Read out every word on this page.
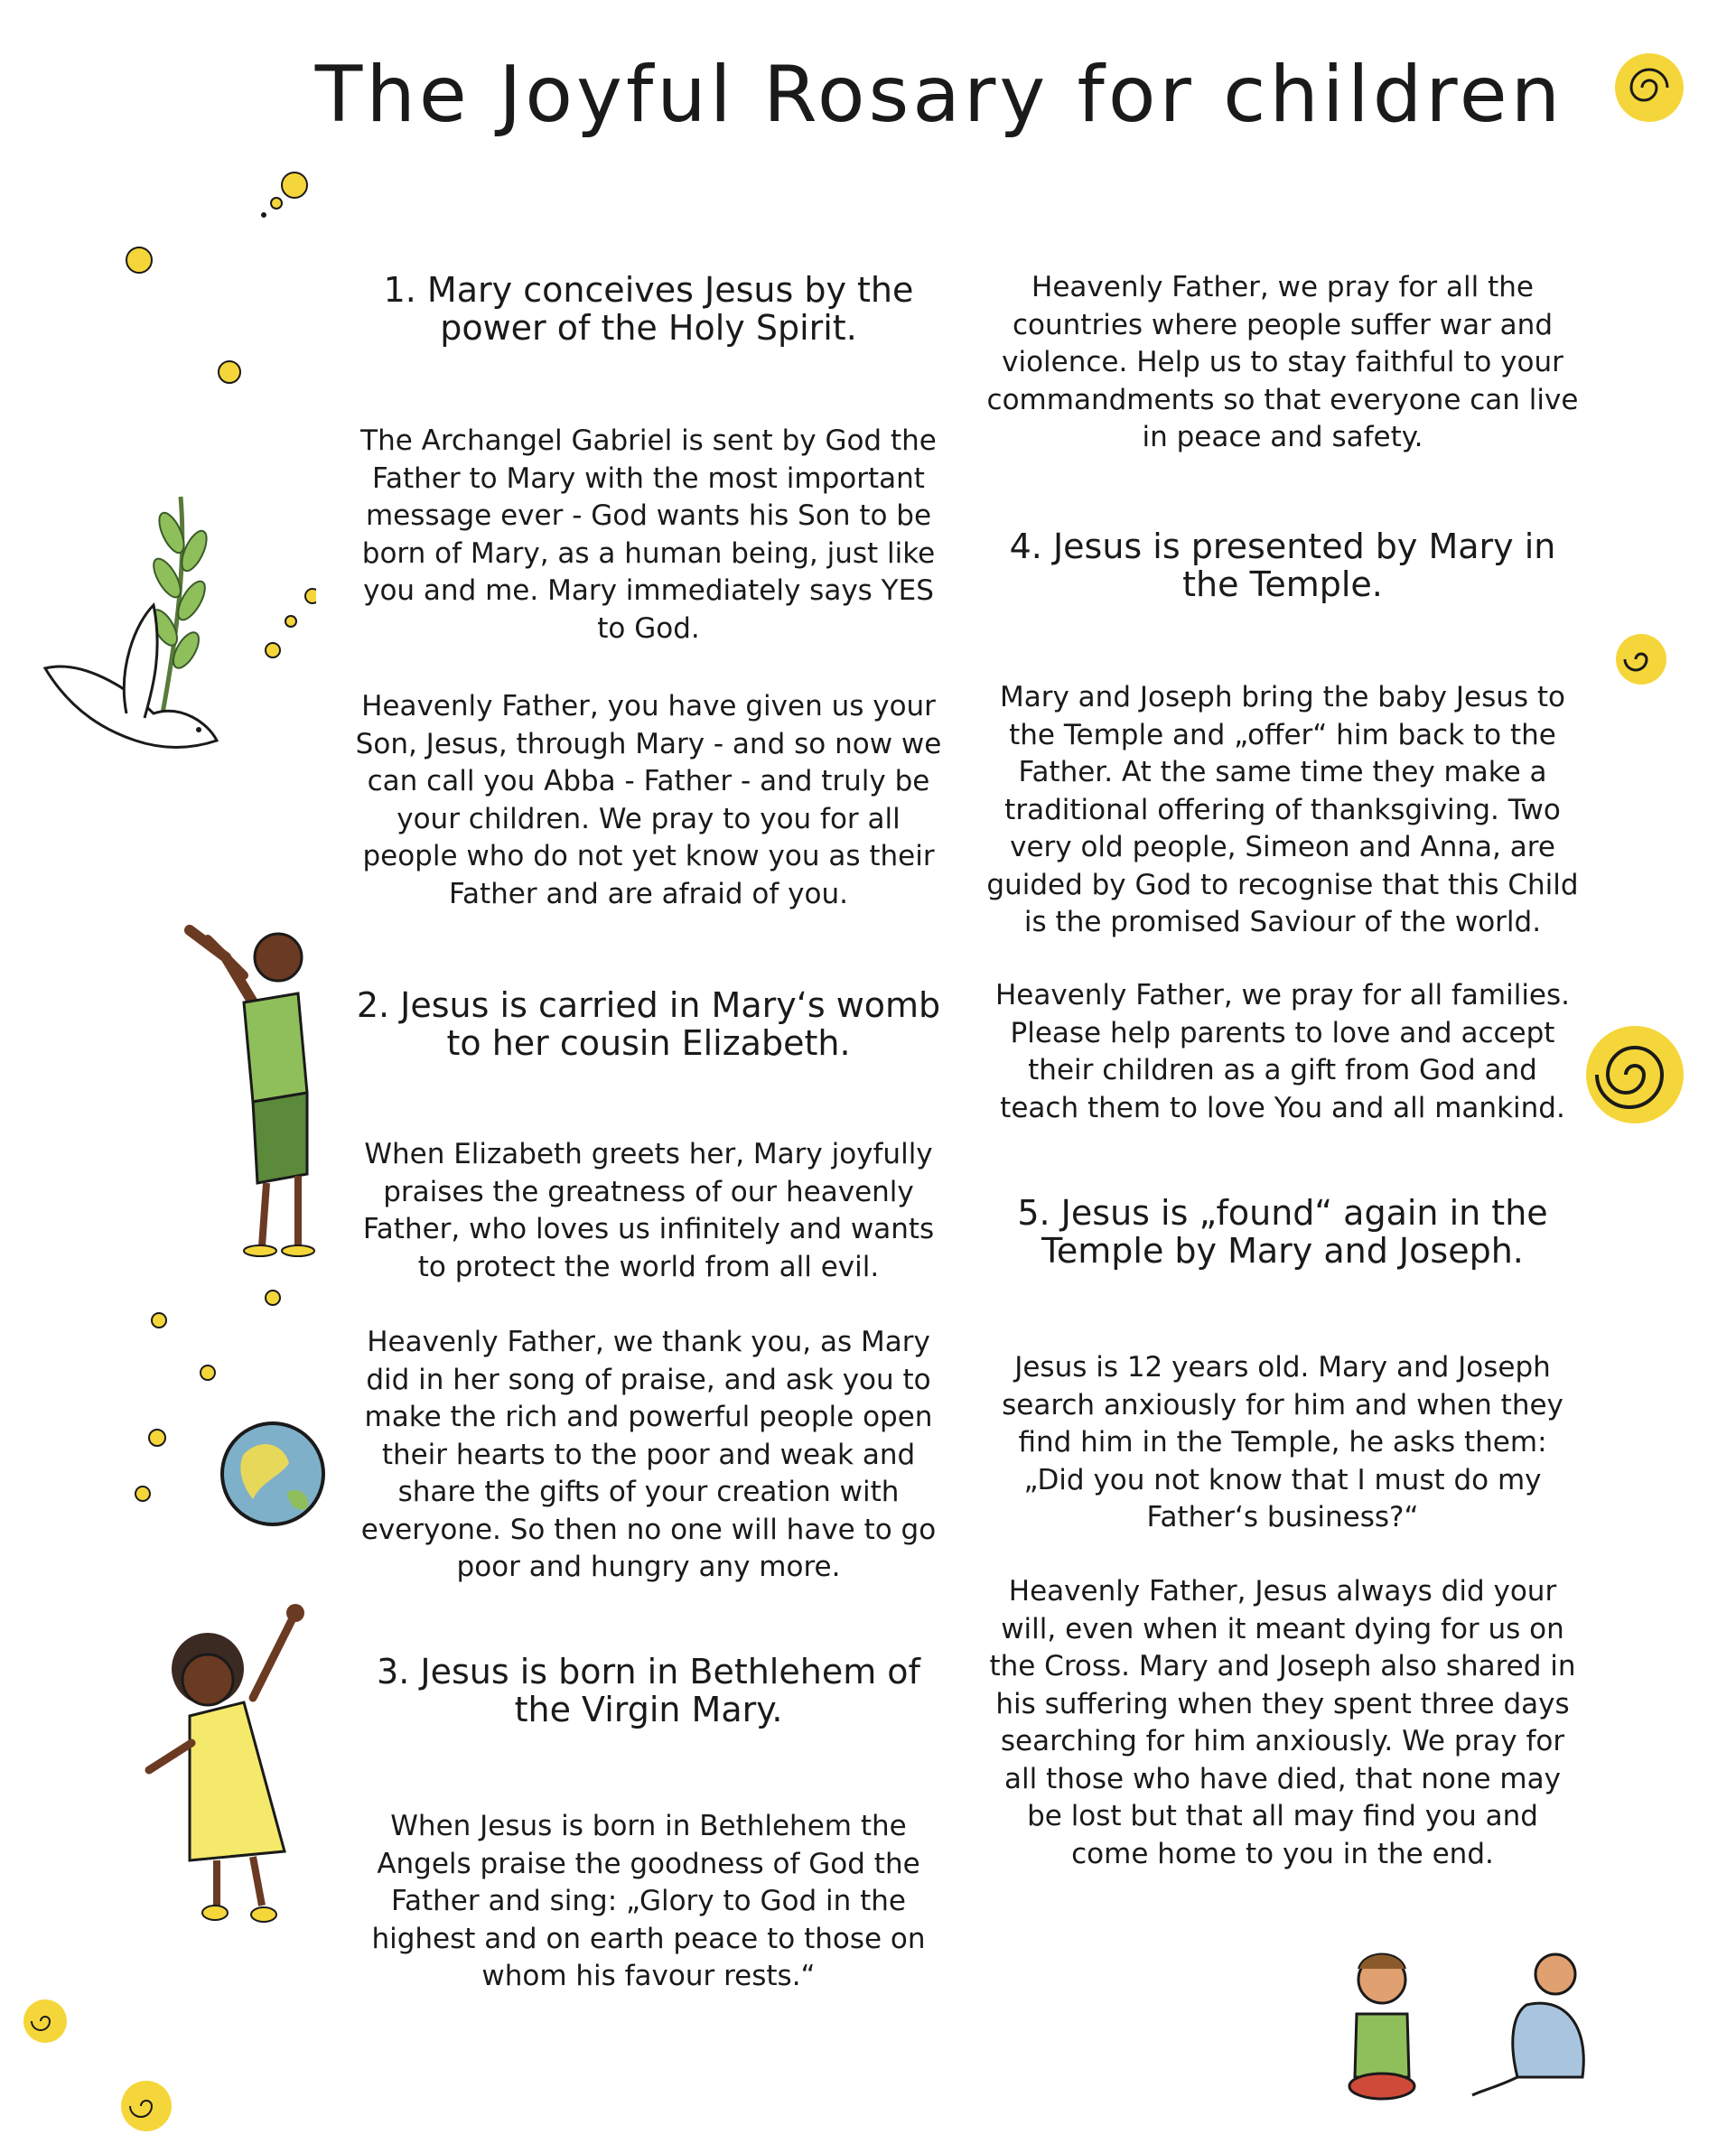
The Joyful Rosary for children
1. Mary conceives Jesus by the power of the Holy Spirit.

The Archangel Gabriel is sent by God the Father to Mary with the most important message ever - God wants his Son to be born of Mary, as a human being, just like you and me. Mary immediately says YES to God.

Heavenly Father, you have given us your Son, Jesus, through Mary - and so now we can call you Abba - Father - and truly be your children. We pray to you for all people who do not yet know you as their Father and are afraid of you.

2. Jesus is carried in Mary‘s womb to her cousin Elizabeth.

When Elizabeth greets her, Mary joyfully praises the greatness of our heavenly Father, who loves us infinitely and wants to protect the world from all evil.

Heavenly Father, we thank you, as Mary did in her song of praise, and ask you to make the rich and powerful people open their hearts to the poor and weak and share the gifts of your creation with everyone. So then no one will have to go poor and hungry any more.

3. Jesus is born in Bethlehem of the Virgin Mary.

When Jesus is born in Bethlehem the Angels praise the goodness of God the Father and sing: „Glory to God in the highest and on earth peace to those on whom his favour rests.“

Heavenly Father, we pray for all the countries where people suffer war and violence. Help us to stay faithful to your commandments so that everyone can live in peace and safety.

4. Jesus is presented by Mary in the Temple.

Mary and Joseph bring the baby Jesus to the Temple and „offer“ him back to the Father. At the same time they make a traditional offering of thanksgiving. Two very old people, Simeon and Anna, are guided by God to recognise that this Child is the promised Saviour of the world.

Heavenly Father, we pray for all families. Please help parents to love and accept their children as a gift from God and teach them to love You and all mankind.

5. Jesus is „found“ again in the Temple by Mary and Joseph.

Jesus is 12 years old. Mary and Joseph search anxiously for him and when they find him in the Temple, he asks them: „Did you not know that I must do my Father‘s business?“

Heavenly Father, Jesus always did your will, even when it meant dying for us on the Cross. Mary and Joseph also shared in his suffering when they spent three days searching for him anxiously. We pray for all those who have died, that none may be lost but that all may find you and come home to you in the end.
